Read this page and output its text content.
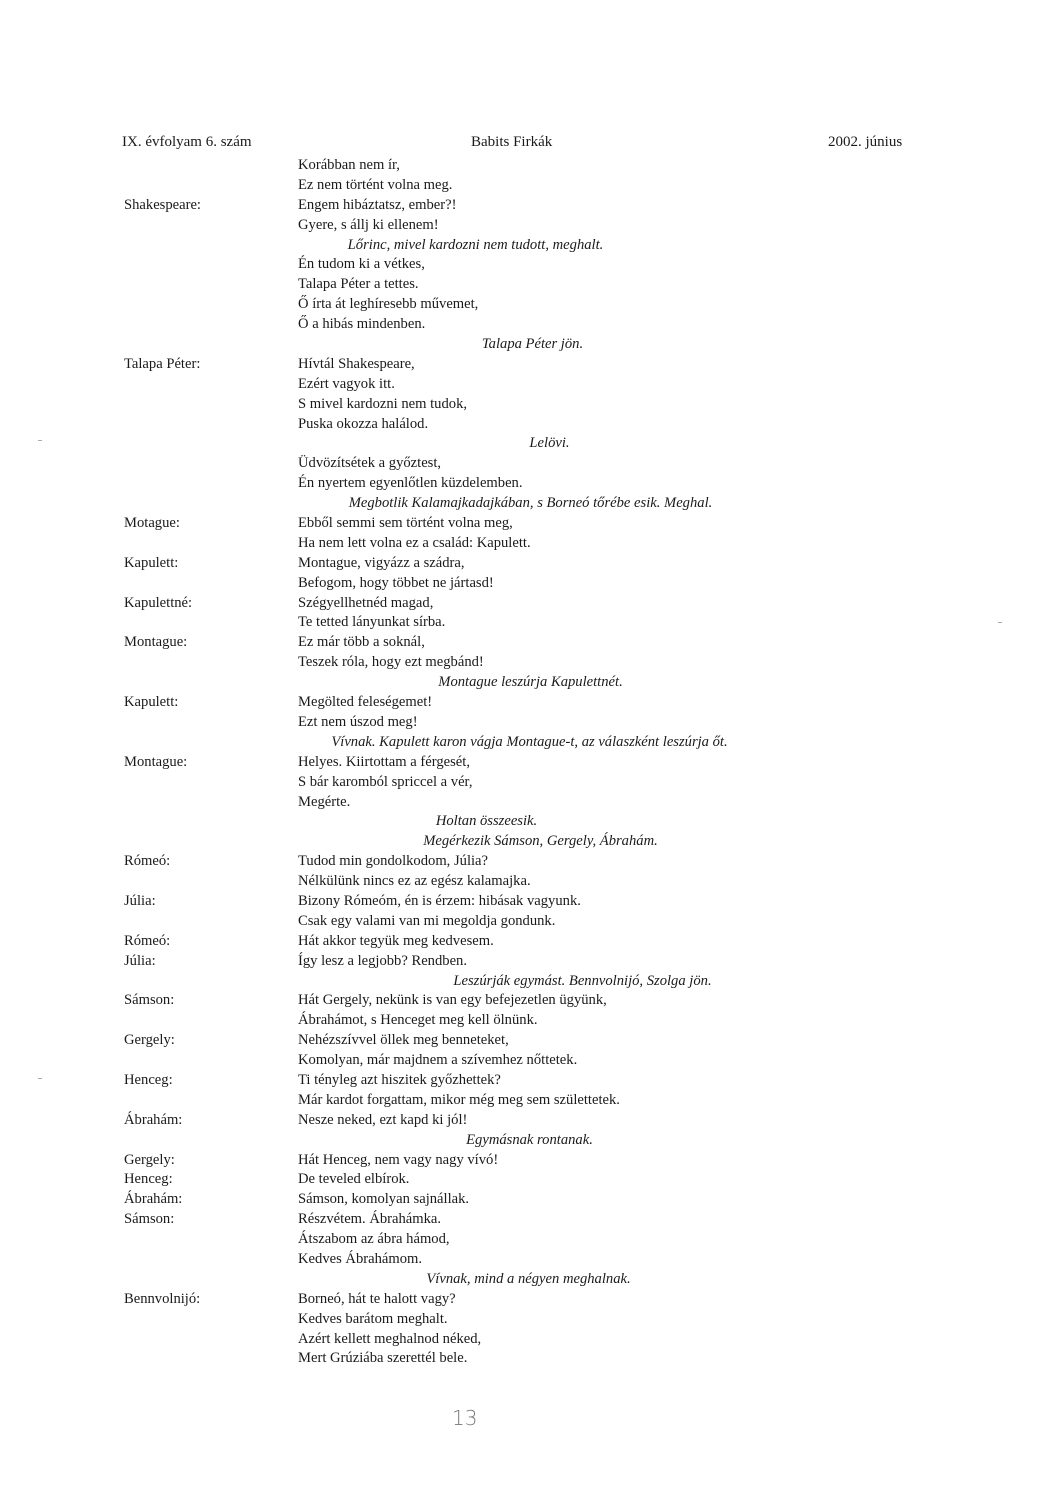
IX. évfolyam 6. szám	Babits Firkák	2002. június
Korábban nem ír,
Ez nem történt volna meg.
Shakespeare:	Engem hibáztatsz, ember?!
Gyere, s állj ki ellenem!
Lőrinc, mivel kardozni nem tudott, meghalt.
Én tudom ki a vétkes,
Talapa Péter a tettes.
Ő írta át leghíresebb művemet,
Ő a hibás mindenben.
Talapa Péter jön.
Talapa Péter:	Hívtál Shakespeare,
Ezért vagyok itt.
S mivel kardozni nem tudok,
Puska okozza halálod.
Lelövi.
Üdvözítsétek a győztest,
Én nyertem egyenlőtlen küzdelemben.
Megbotlik Kalamajkadajkában, s Borneó tőrébe esik. Meghal.
Motague:	Ebből semmi sem történt volna meg,
Ha nem lett volna ez a család: Kapulett.
Kapulett:	Montague, vigyázz a szádra,
Befogom, hogy többet ne jártasd!
Kapulettné:	Szégyellhetnéd magad,
Te tetted lányunkat sírba.
Montague:	Ez már több a soknál,
Teszek róla, hogy ezt megbánd!
Montague leszúrja Kapulettnét.
Kapulett:	Megölted feleségemet!
Ezt nem úszod meg!
Vívnak. Kapulett karon vágja Montague-t, az válaszként leszúrja őt.
Montague:	Helyes. Kiirtottam a férgesét,
S bár karomból spriccel a vér,
Megérte.
Holtan összeesik.
Megérkezik Sámson, Gergely, Ábrahám.
Rómeó:	Tudod min gondolkodom, Júlia?
Nélkülünk nincs ez az egész kalamajka.
Júlia:	Bizony Rómeóm, én is érzem: hibásak vagyunk.
Csak egy valami van mi megoldja gondunk.
Rómeó:	Hát akkor tegyük meg kedvesem.
Júlia:	Így lesz a legjobb? Rendben.
Leszúrják egymást. Bennvolnijó, Szolga jön.
Sámson:	Hát Gergely, nekünk is van egy befejezetlen ügyünk,
Ábrahámot, s Henceget meg kell ölnünk.
Gergely:	Nehézszívvel öllek meg benneteket,
Komolyan, már majdnem a szívemhez nőttetek.
Henceg:	Ti tényleg azt hiszitek győzhettek?
Már kardot forgattam, mikor még meg sem születtetek.
Ábrahám:	Nesze neked, ezt kapd ki jól!
Egymásnak rontanak.
Gergely:	Hát Henceg, nem vagy nagy vívó!
Henceg:	De teveled elbírok.
Ábrahám:	Sámson, komolyan sajnállak.
Sámson:	Részvétem. Ábrahámka.
Átszabom az ábra hámod,
Kedves Ábrahámom.
Vívnak, mind a négyen meghalnak.
Bennvolnijó:	Borneó, hát te halott vagy?
Kedves barátom meghalt.
Azért kellett meghalnod néked,
Mert Grúziába szerettél bele.
13
